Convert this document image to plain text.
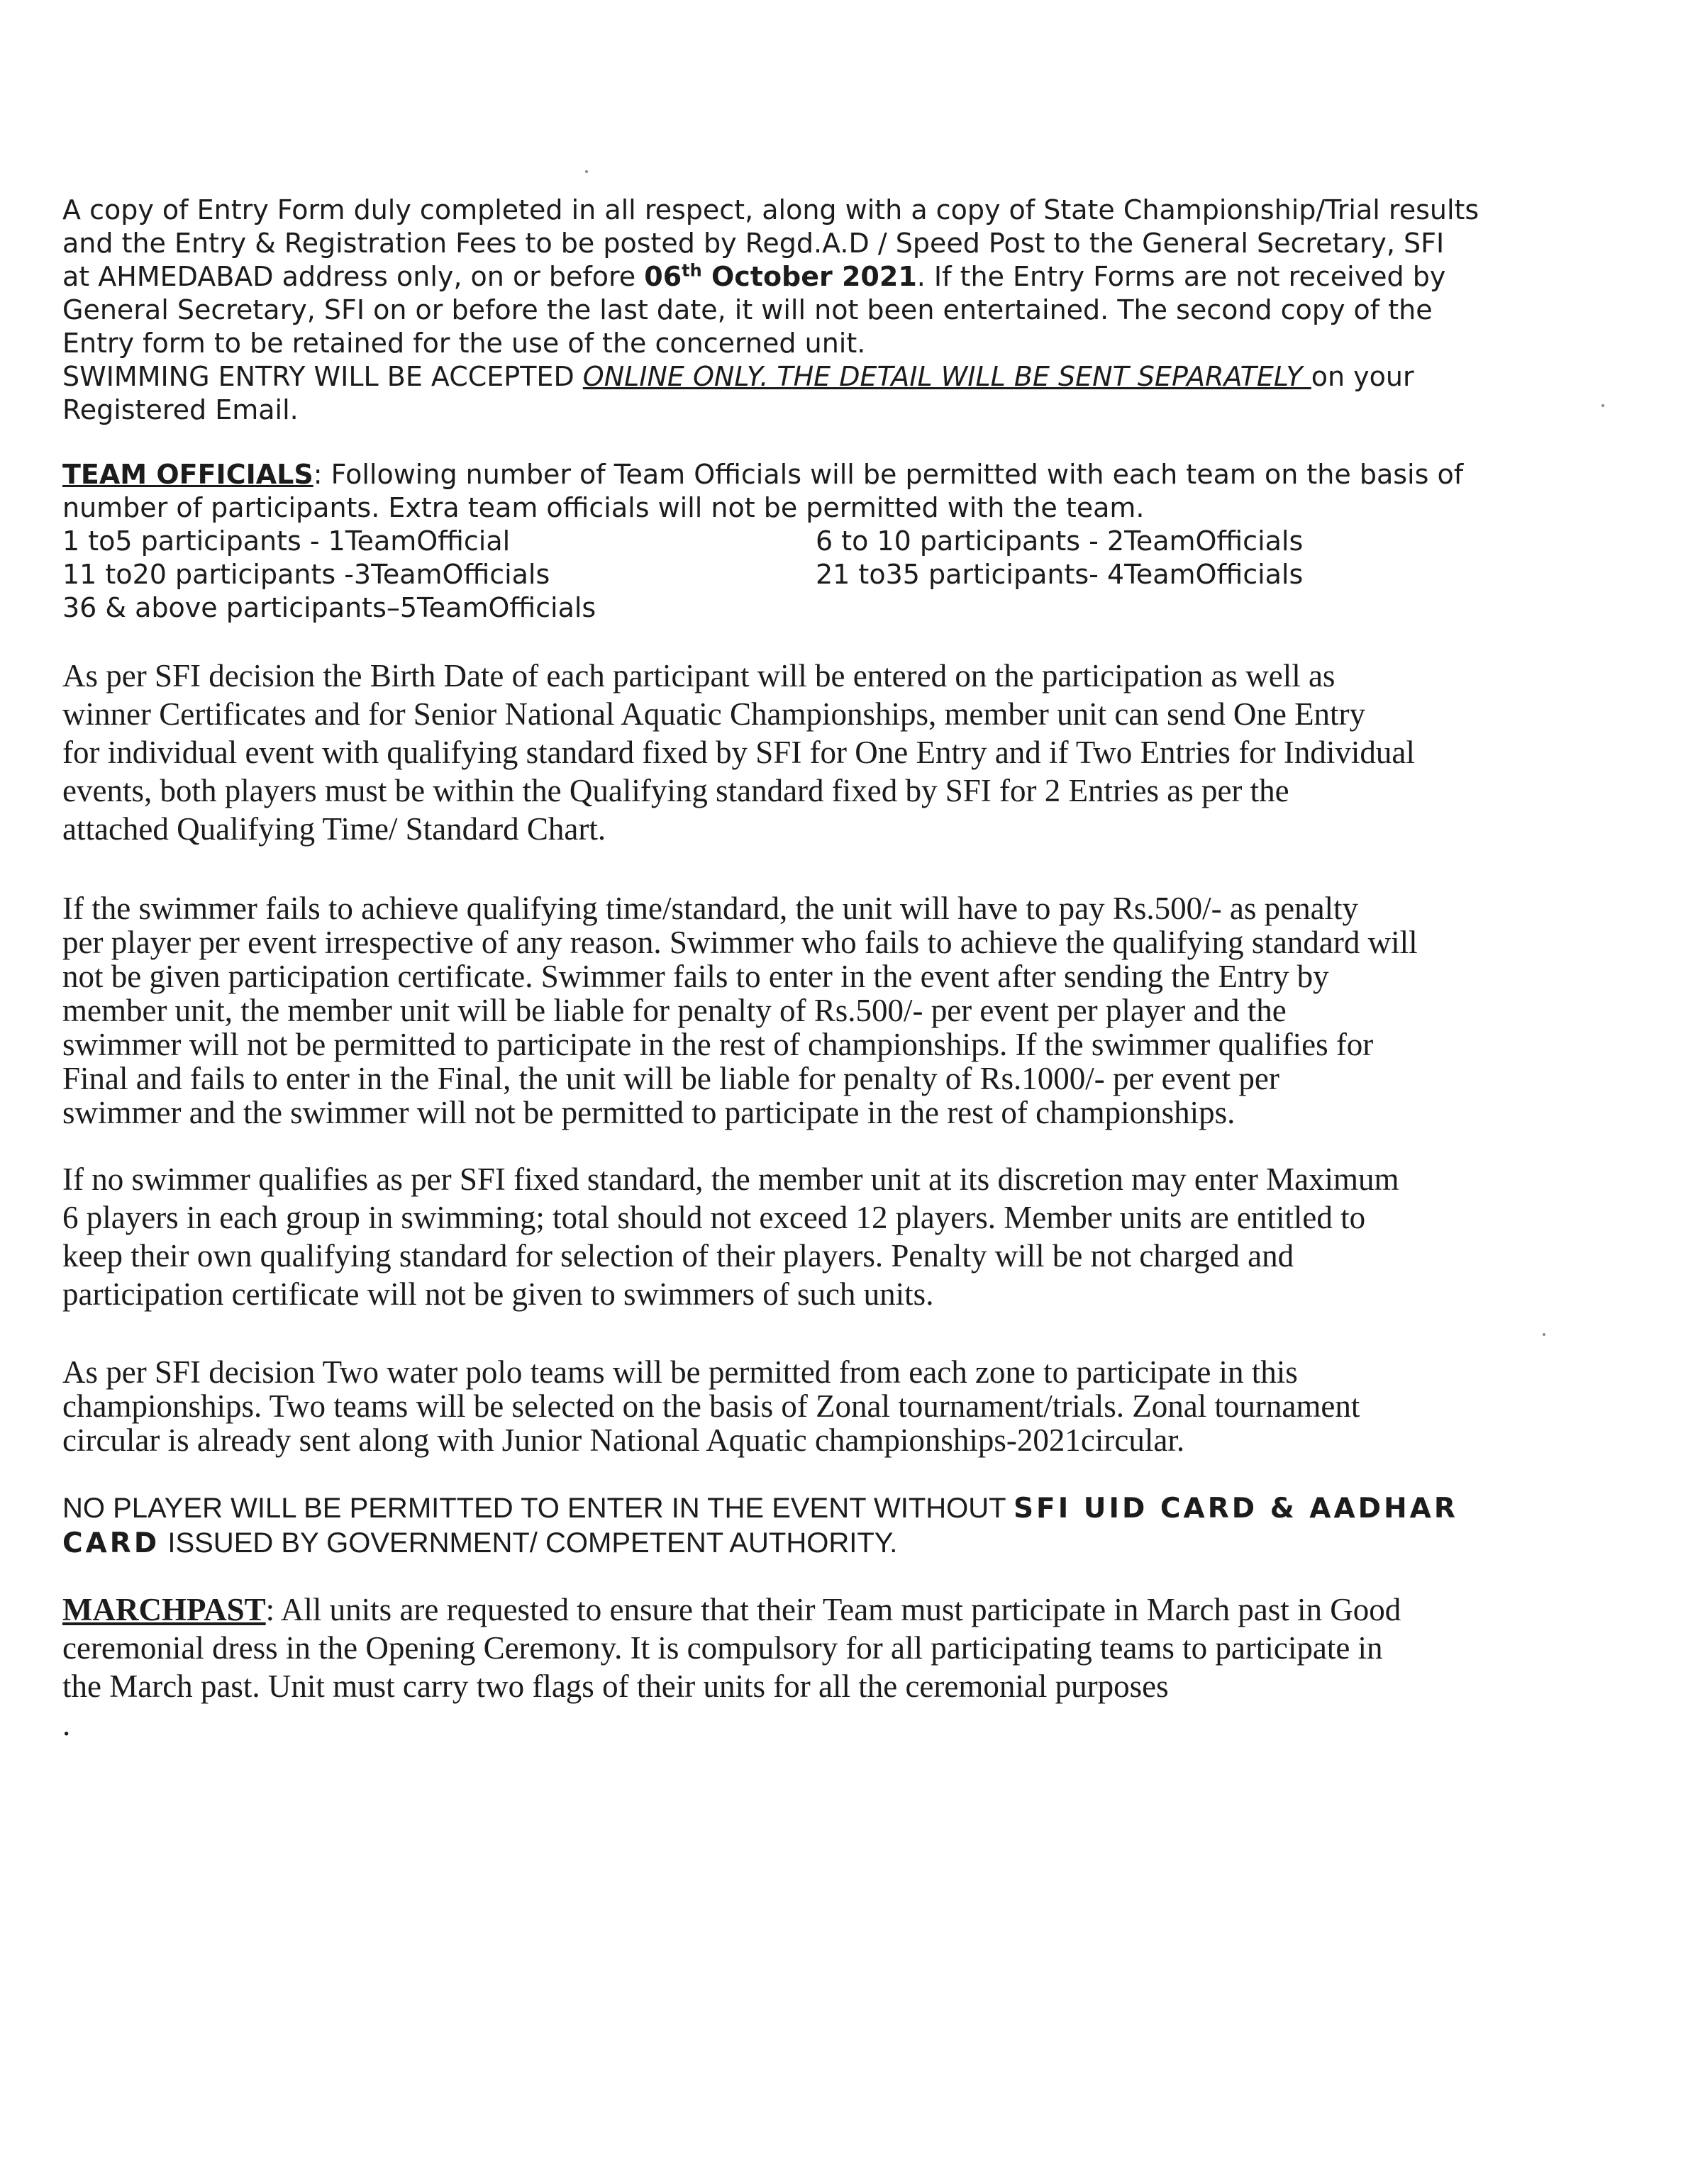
A copy of Entry Form duly completed in all respect, along with a copy of State Championship/Trial results
and the Entry & Registration Fees to be posted by Regd.A.D / Speed Post to the General Secretary, SFI
at AHMEDABAD address only, on or before 06th October 2021. If the Entry Forms are not received by
General Secretary, SFI on or before the last date, it will not been entertained. The second copy of the
Entry form to be retained for the use of the concerned unit.
SWIMMING ENTRY WILL BE ACCEPTED ONLINE ONLY. THE DETAIL WILL BE SENT SEPARATELY on your
Registered Email.
TEAM OFFICIALS: Following number of Team Officials will be permitted with each team on the basis of
number of participants. Extra team officials will not be permitted with the team.
1 to5 participants - 1TeamOfficial	6 to 10 participants - 2TeamOfficials
11 to20 participants -3TeamOfficials	21 to35 participants- 4TeamOfficials
36 & above participants–5TeamOfficials
As per SFI decision the Birth Date of each participant will be entered on the participation as well as
winner Certificates and for Senior National Aquatic Championships, member unit can send One Entry
for individual event with qualifying standard fixed by SFI for One Entry and if Two Entries for Individual
events, both players must be within the Qualifying standard fixed by SFI for 2 Entries as per the
attached Qualifying Time/ Standard Chart.
If the swimmer fails to achieve qualifying time/standard, the unit will have to pay Rs.500/- as penalty
per player per event irrespective of any reason. Swimmer who fails to achieve the qualifying standard will
not be given participation certificate. Swimmer fails to enter in the event after sending the Entry by
member unit, the member unit will be liable for penalty of Rs.500/- per event per player and the
swimmer will not be permitted to participate in the rest of championships. If the swimmer qualifies for
Final and fails to enter in the Final, the unit will be liable for penalty of Rs.1000/- per event per
swimmer and the swimmer will not be permitted to participate in the rest of championships.
If no swimmer qualifies as per SFI fixed standard, the member unit at its discretion may enter Maximum
6 players in each group in swimming; total should not exceed 12 players. Member units are entitled to
keep their own qualifying standard for selection of their players. Penalty will be not charged and
participation certificate will not be given to swimmers of such units.
As per SFI decision Two water polo teams will be permitted from each zone to participate in this
championships. Two teams will be selected on the basis of Zonal tournament/trials. Zonal tournament
circular is already sent along with Junior National Aquatic championships-2021circular.
NO PLAYER WILL BE PERMITTED TO ENTER IN THE EVENT WITHOUT SFI UID CARD & AADHAR
CARD ISSUED BY GOVERNMENT/ COMPETENT AUTHORITY.
MARCHPAST: All units are requested to ensure that their Team must participate in March past in Good
ceremonial dress in the Opening Ceremony. It is compulsory for all participating teams to participate in
the March past. Unit must carry two flags of their units for all the ceremonial purposes
.
